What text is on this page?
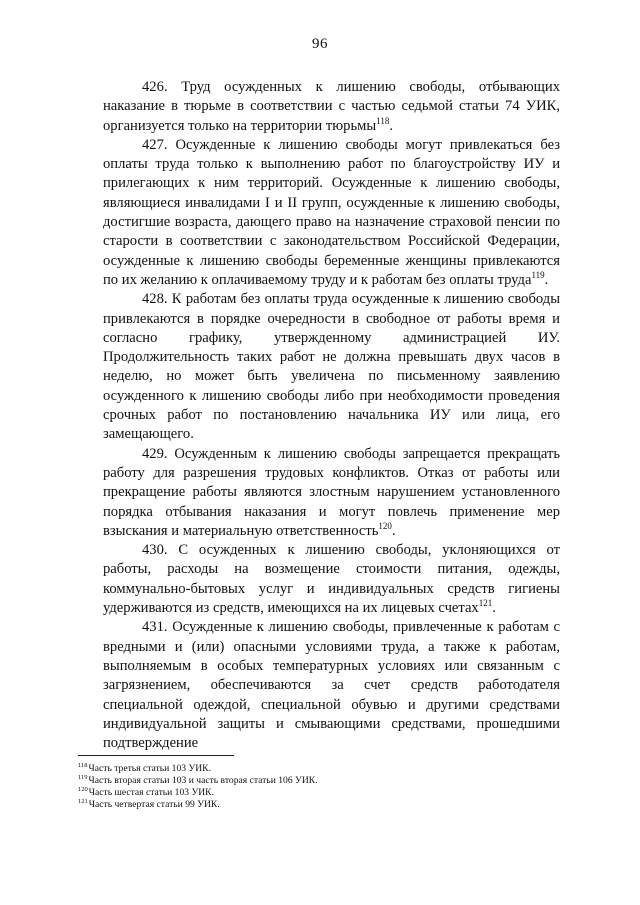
96

426. Труд осужденных к лишению свободы, отбывающих наказание в тюрьме в соответствии с частью седьмой статьи 74 УИК, организуется только на территории тюрьмы$^{118}$.

427. Осужденные к лишению свободы могут привлекаться без оплаты труда только к выполнению работ по благоустройству ИУ и прилегающих к ним территорий. Осужденные к лишению свободы, являющиеся инвалидами I и II групп, осужденные к лишению свободы, достигшие возраста, дающего право на назначение страховой пенсии по старости в соответствии с законодательством Российской Федерации, осужденные к лишению свободы беременные женщины привлекаются по их желанию к оплачиваемому труду и к работам без оплаты труда$^{119}$.

428. К работам без оплаты труда осужденные к лишению свободы привлекаются в порядке очередности в свободное от работы время и согласно графику, утвержденному администрацией ИУ. Продолжительность таких работ не должна превышать двух часов в неделю, но может быть увеличена по письменному заявлению осужденного к лишению свободы либо при необходимости проведения срочных работ по постановлению начальника ИУ или лица, его замещающего.

429. Осужденным к лишению свободы запрещается прекращать работу для разрешения трудовых конфликтов. Отказ от работы или прекращение работы являются злостным нарушением установленного порядка отбывания наказания и могут повлечь применение мер взыскания и материальную ответственность$^{120}$.

430. С осужденных к лишению свободы, уклоняющихся от работы, расходы на возмещение стоимости питания, одежды, коммунально-бытовых услуг и индивидуальных средств гигиены удерживаются из средств, имеющихся на их лицевых счетах$^{121}$.

431. Осужденные к лишению свободы, привлеченные к работам с вредными и (или) опасными условиями труда, а также к работам, выполняемым в особых температурных условиях или связанным с загрязнением, обеспечиваются за счет средств работодателя специальной одеждой, специальной обувью и другими средствами индивидуальной защиты и смывающими средствами, прошедшими подтверждение

$^{118}$Часть третья статьи 103 УИК.

$^{119}$Часть вторая статьи 103 и часть вторая статьи 106 УИК.

$^{120}$Часть шестая статьи 103 УИК.

$^{121}$Часть четвертая статьи 99 УИК.
